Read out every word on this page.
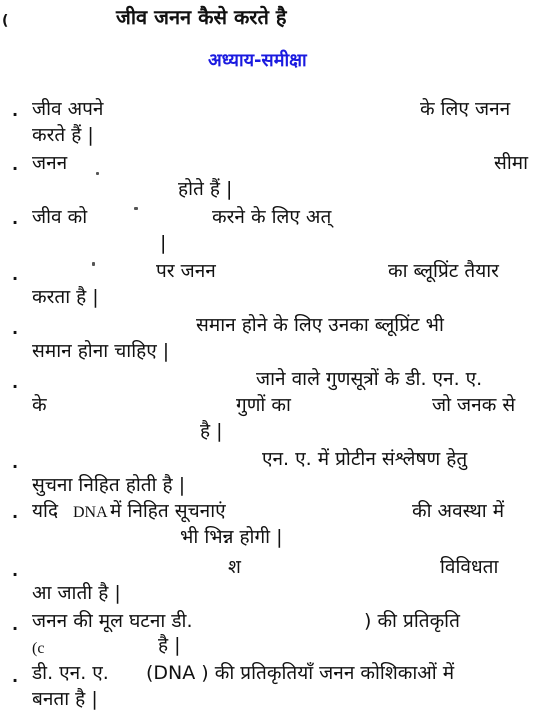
(	जीव जनन कैसे करते है
अध्याय-समीक्षा
. जीव अपने	के लिए जनन
करते हैं |
. जनन	सीमा
होते हैं |
. जीव को	करने के लिए अत्
|
.	पर जनन	का ब्लूप्रिंट तैयार
करता है |
.	समान होने के लिए उनका ब्लूप्रिंट भी
समान होना चाहिए |
.	जाने वाले गुणसूत्रों के डी. एन. ए.
के	गुणों का	जो जनक से
है |
.	एन. ए. में प्रोटीन संश्लेषण हेतु
सुचना निहित होती है |
. यदि DNA में निहित सूचनाएं	की अवस्था में
भी भिन्न होगी |
.	श	विविधता
आ जाती है |
. जनन की मूल घटना डी.	) की प्रतिकृति
(c	है |
. डी. एन. ए. (DNA ) की प्रतिकृतियाँ जनन कोशिकाओं में
बनता है |
